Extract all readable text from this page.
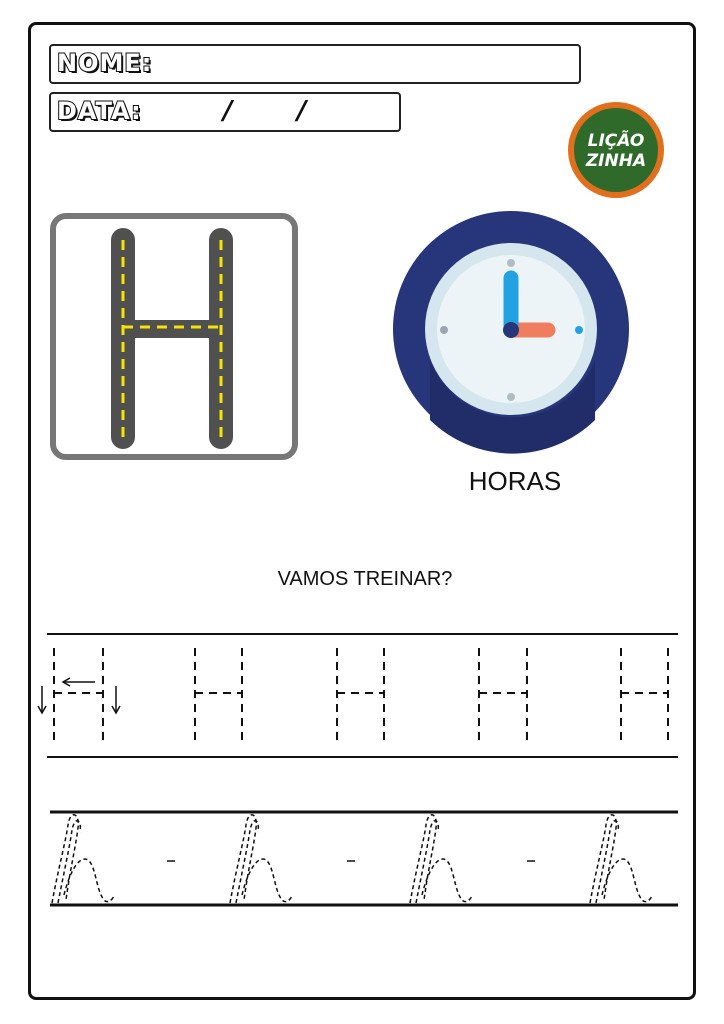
NOME:
DATA:	/ /
LIÇÃO
ZINHA
HORAS
VAMOS TREINAR?
